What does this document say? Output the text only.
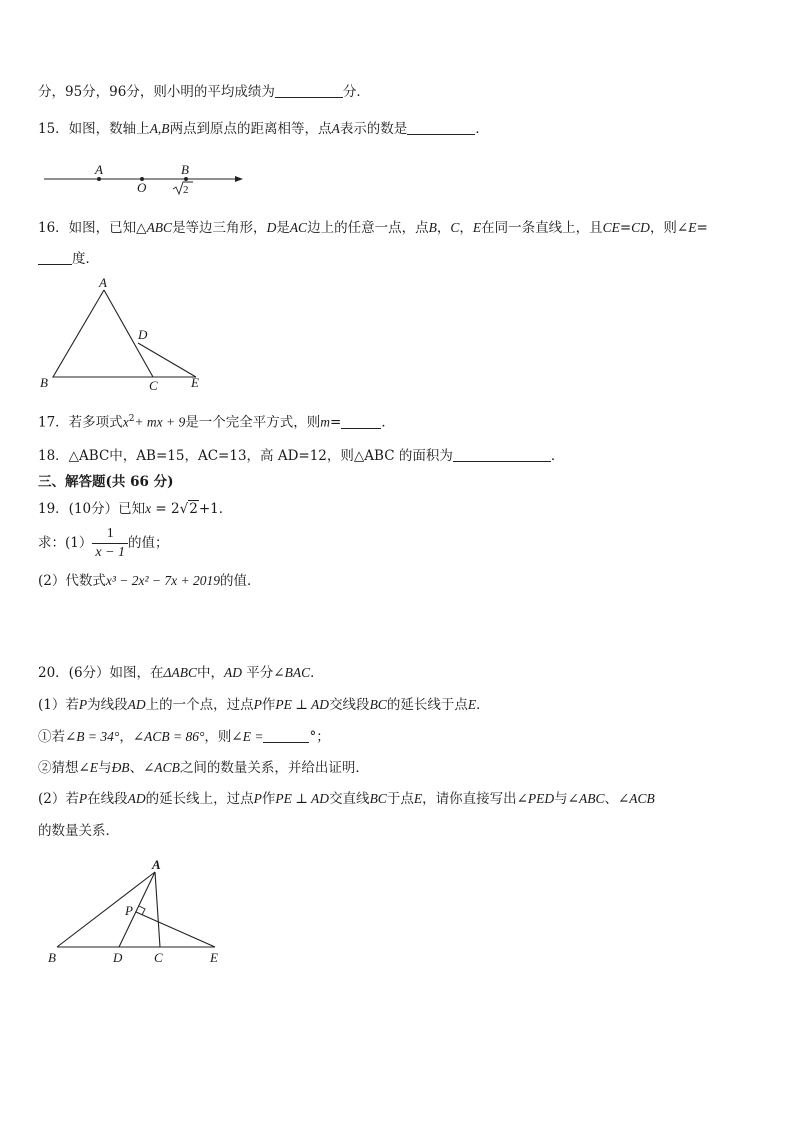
分，95分，96分，则小明的平均成绩为	分．
15．如图，数轴上A,B两点到原点的距离相等，点A表示的数是	．
A
O
B
2
16．如图，已知△ABC是等边三角形，D是AC边上的任意一点，点B，C，E在同一条直线上，且CE=CD，则∠E=
度．
A
B	C
D
E
17．若多项式$x^2+$ mx + 9是一个完全平方式，则m=	．
18．△ABC中，AB=15，AC=13，高 AD=12，则△ABC 的面积为	．
三、解答题(共 66 分)
19．(10分）已知x = 2√2+1．
求：$(1) \frac{1}{x - 1}$ 的值；
(2）代数式x³ − 2x² − 7x + 2019的值．
20．(6分）如图，在ΔABC中，AD 平分∠BAC．
(1）若P为线段AD上的一个点，过点P作PE ⊥ AD交线段BC的延长线于点E．
①若∠B = 34°，∠ACB = 86°，则∠E =	°；
②猜想∠E与ÐB、∠ACB之间的数量关系，并给出证明．
(2）若P在线段AD的延长线上，过点P作PE ⊥ AD交直线BC于点E，请你直接写出∠PED与∠ABC、∠ACB
的数量关系．
A
P
B	D C	E
